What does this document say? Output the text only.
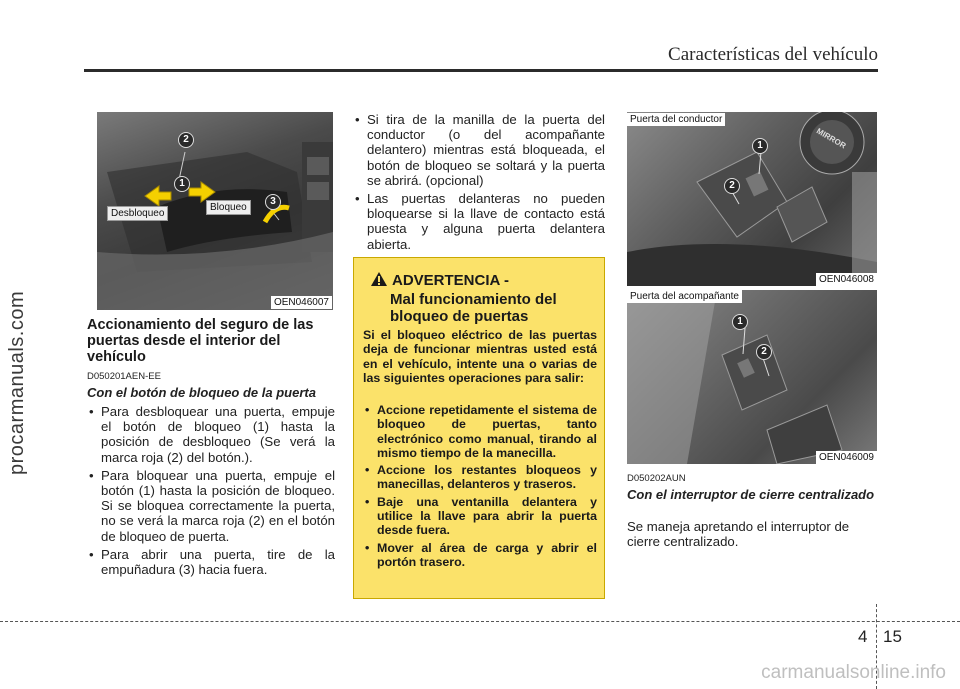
Características del vehículo
procarmanuals.com
2
1
3
Desbloqueo
Bloqueo
OEN046007
Accionamiento del seguro de las puertas desde el interior del vehículo
D050201AEN-EE
Con el botón de bloqueo de la puerta
• Para desbloquear una puerta, empuje el botón de bloqueo (1) hasta la posición de desbloqueo (Se verá la marca roja (2) del botón.).
• Para bloquear una puerta, empuje el botón (1) hasta la posición de bloqueo. Si se bloquea correctamente la puerta, no se verá la marca roja (2) en el botón de bloqueo de puerta.
• Para abrir una puerta, tire de la empuñadura (3) hacia fuera.
• Si tira de la manilla de la puerta del conductor (o del acompañante delantero) mientras está bloqueada, el botón de bloqueo se soltará y la puerta se abrirá. (opcional)
• Las puertas delanteras no pueden bloquearse si la llave de contacto está puesta y alguna puerta delantera abierta.
ADVERTENCIA -
Mal funcionamiento del bloqueo de puertas
Si el bloqueo eléctrico de las puertas deja de funcionar mientras usted está en el vehículo, intente una o varias de las siguientes operaciones para salir:
• Accione repetidamente el sistema de bloqueo de puertas, tanto electrónico como manual, tirando al mismo tiempo de la manecilla.
• Accione los restantes bloqueos y manecillas, delanteros y traseros.
• Baje una ventanilla delantera y utilice la llave para abrir la puerta desde fuera.
• Mover al área de carga y abrir el portón trasero.
MIRROR
1
2
Puerta del conductor
OEN046008
1
2
Puerta del acompañante
OEN046009
D050202AUN
Con el interruptor de cierre centralizado
Se maneja apretando el interruptor de cierre centralizado.
4 15
carmanualsonline.info
